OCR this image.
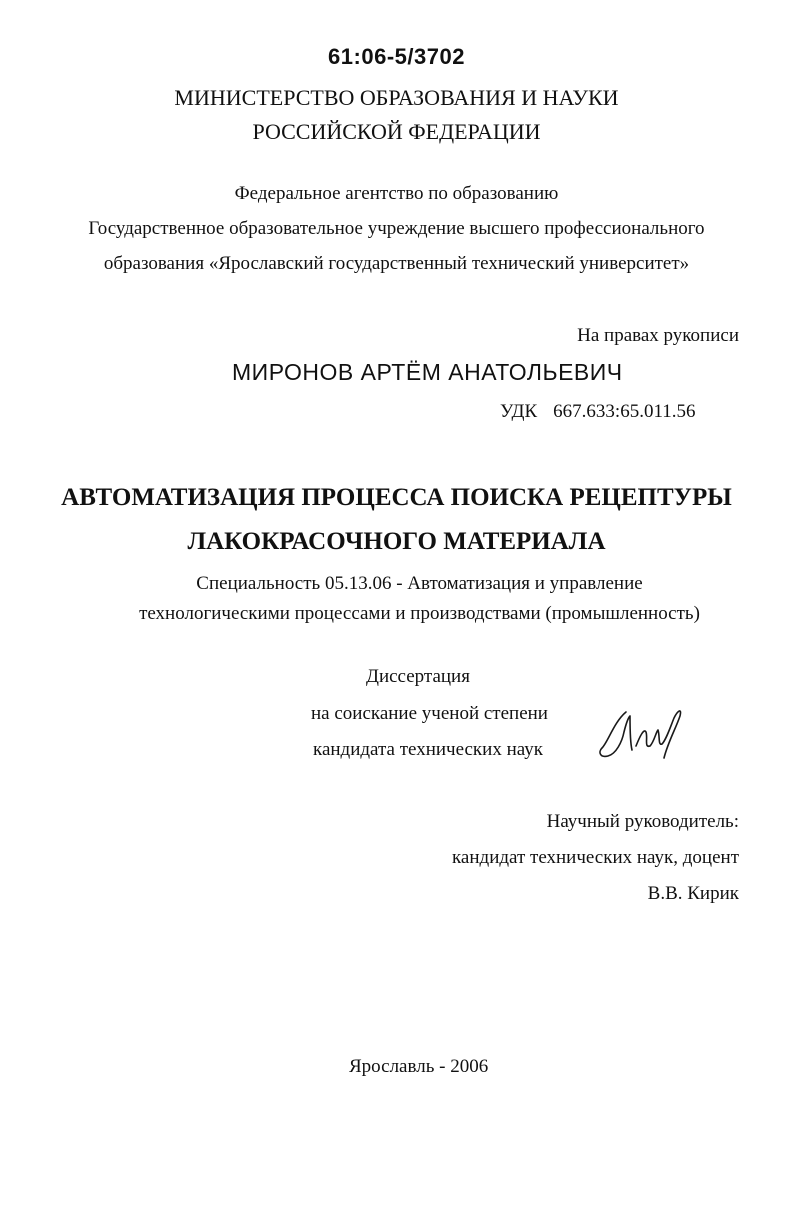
61:06-5/3702
МИНИСТЕРСТВО ОБРАЗОВАНИЯ И НАУКИ
РОССИЙСКОЙ ФЕДЕРАЦИИ
Федеральное агентство по образованию
Государственное образовательное учреждение высшего профессионального
образования «Ярославский государственный технический университет»
На правах рукописи
МИРОНОВ АРТЁМ АНАТОЛЬЕВИЧ
УДК 667.633:65.011.56
АВТОМАТИЗАЦИЯ ПРОЦЕССА ПОИСКА РЕЦЕПТУРЫ
ЛАКОКРАСОЧНОГО МАТЕРИАЛА
Специальность 05.13.06 - Автоматизация и управление
технологическими процессами и производствами (промышленность)
Диссертация
на соискание ученой степени
кандидата технических наук
Научный руководитель:
кандидат технических наук, доцент
В.В. Кирик
Ярославль - 2006
